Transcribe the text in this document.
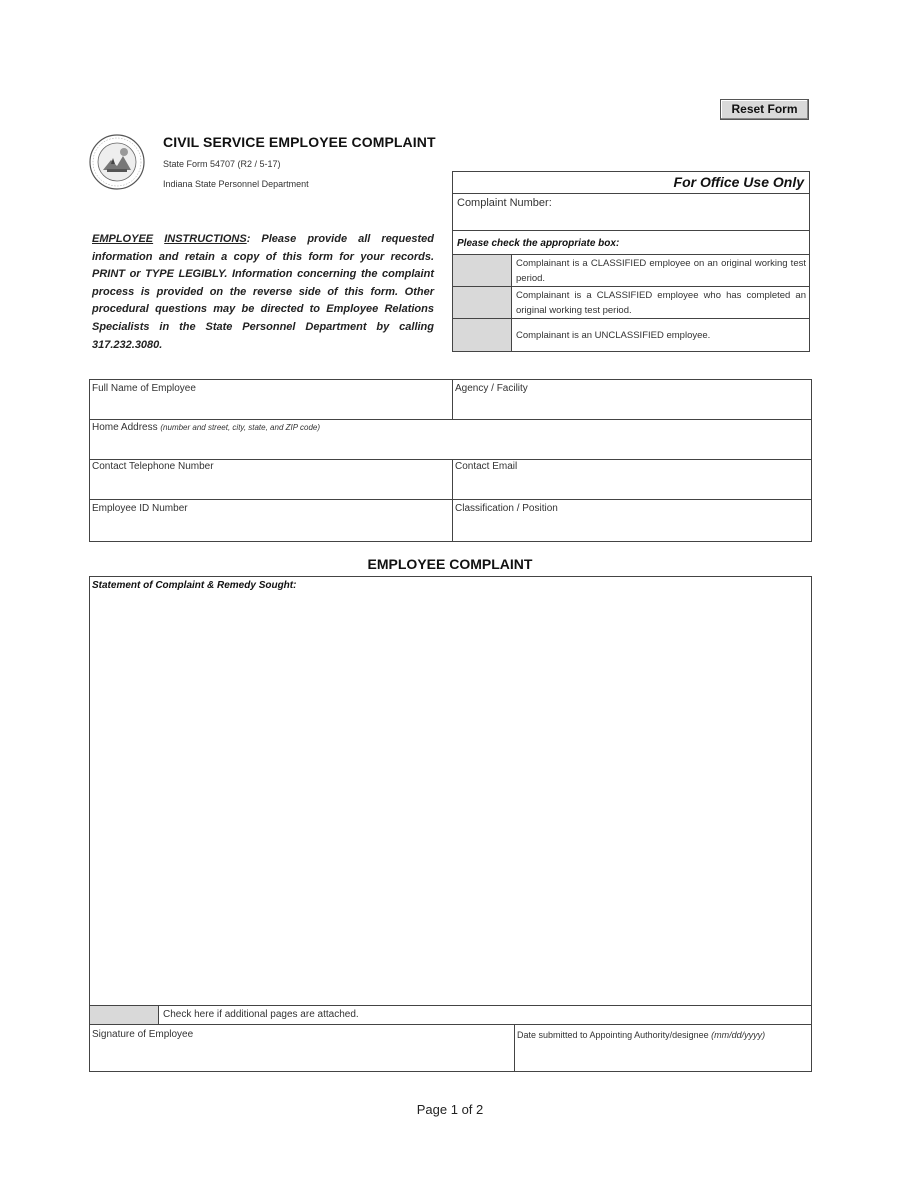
Reset Form
CIVIL SERVICE EMPLOYEE COMPLAINT
State Form 54707 (R2 / 5-17)
Indiana State Personnel Department
EMPLOYEE INSTRUCTIONS: Please provide all requested information and retain a copy of this form for your records. PRINT or TYPE LEGIBLY. Information concerning the complaint process is provided on the reverse side of this form. Other procedural questions may be directed to Employee Relations Specialists in the State Personnel Department by calling 317.232.3080.
For Office Use Only
Complaint Number:
Please check the appropriate box:
Complainant is a CLASSIFIED employee on an original working test period.
Complainant is a CLASSIFIED employee who has completed an original working test period.
Complainant is an UNCLASSIFIED employee.
Full Name of Employee	Agency / Facility
Home Address (number and street, city, state, and ZIP code)
Contact Telephone Number	Contact Email
Employee ID Number	Classification / Position
EMPLOYEE COMPLAINT
Statement of Complaint & Remedy Sought:
Check here if additional pages are attached.
Signature of Employee	Date submitted to Appointing Authority/designee (mm/dd/yyyy)
Page 1 of 2
